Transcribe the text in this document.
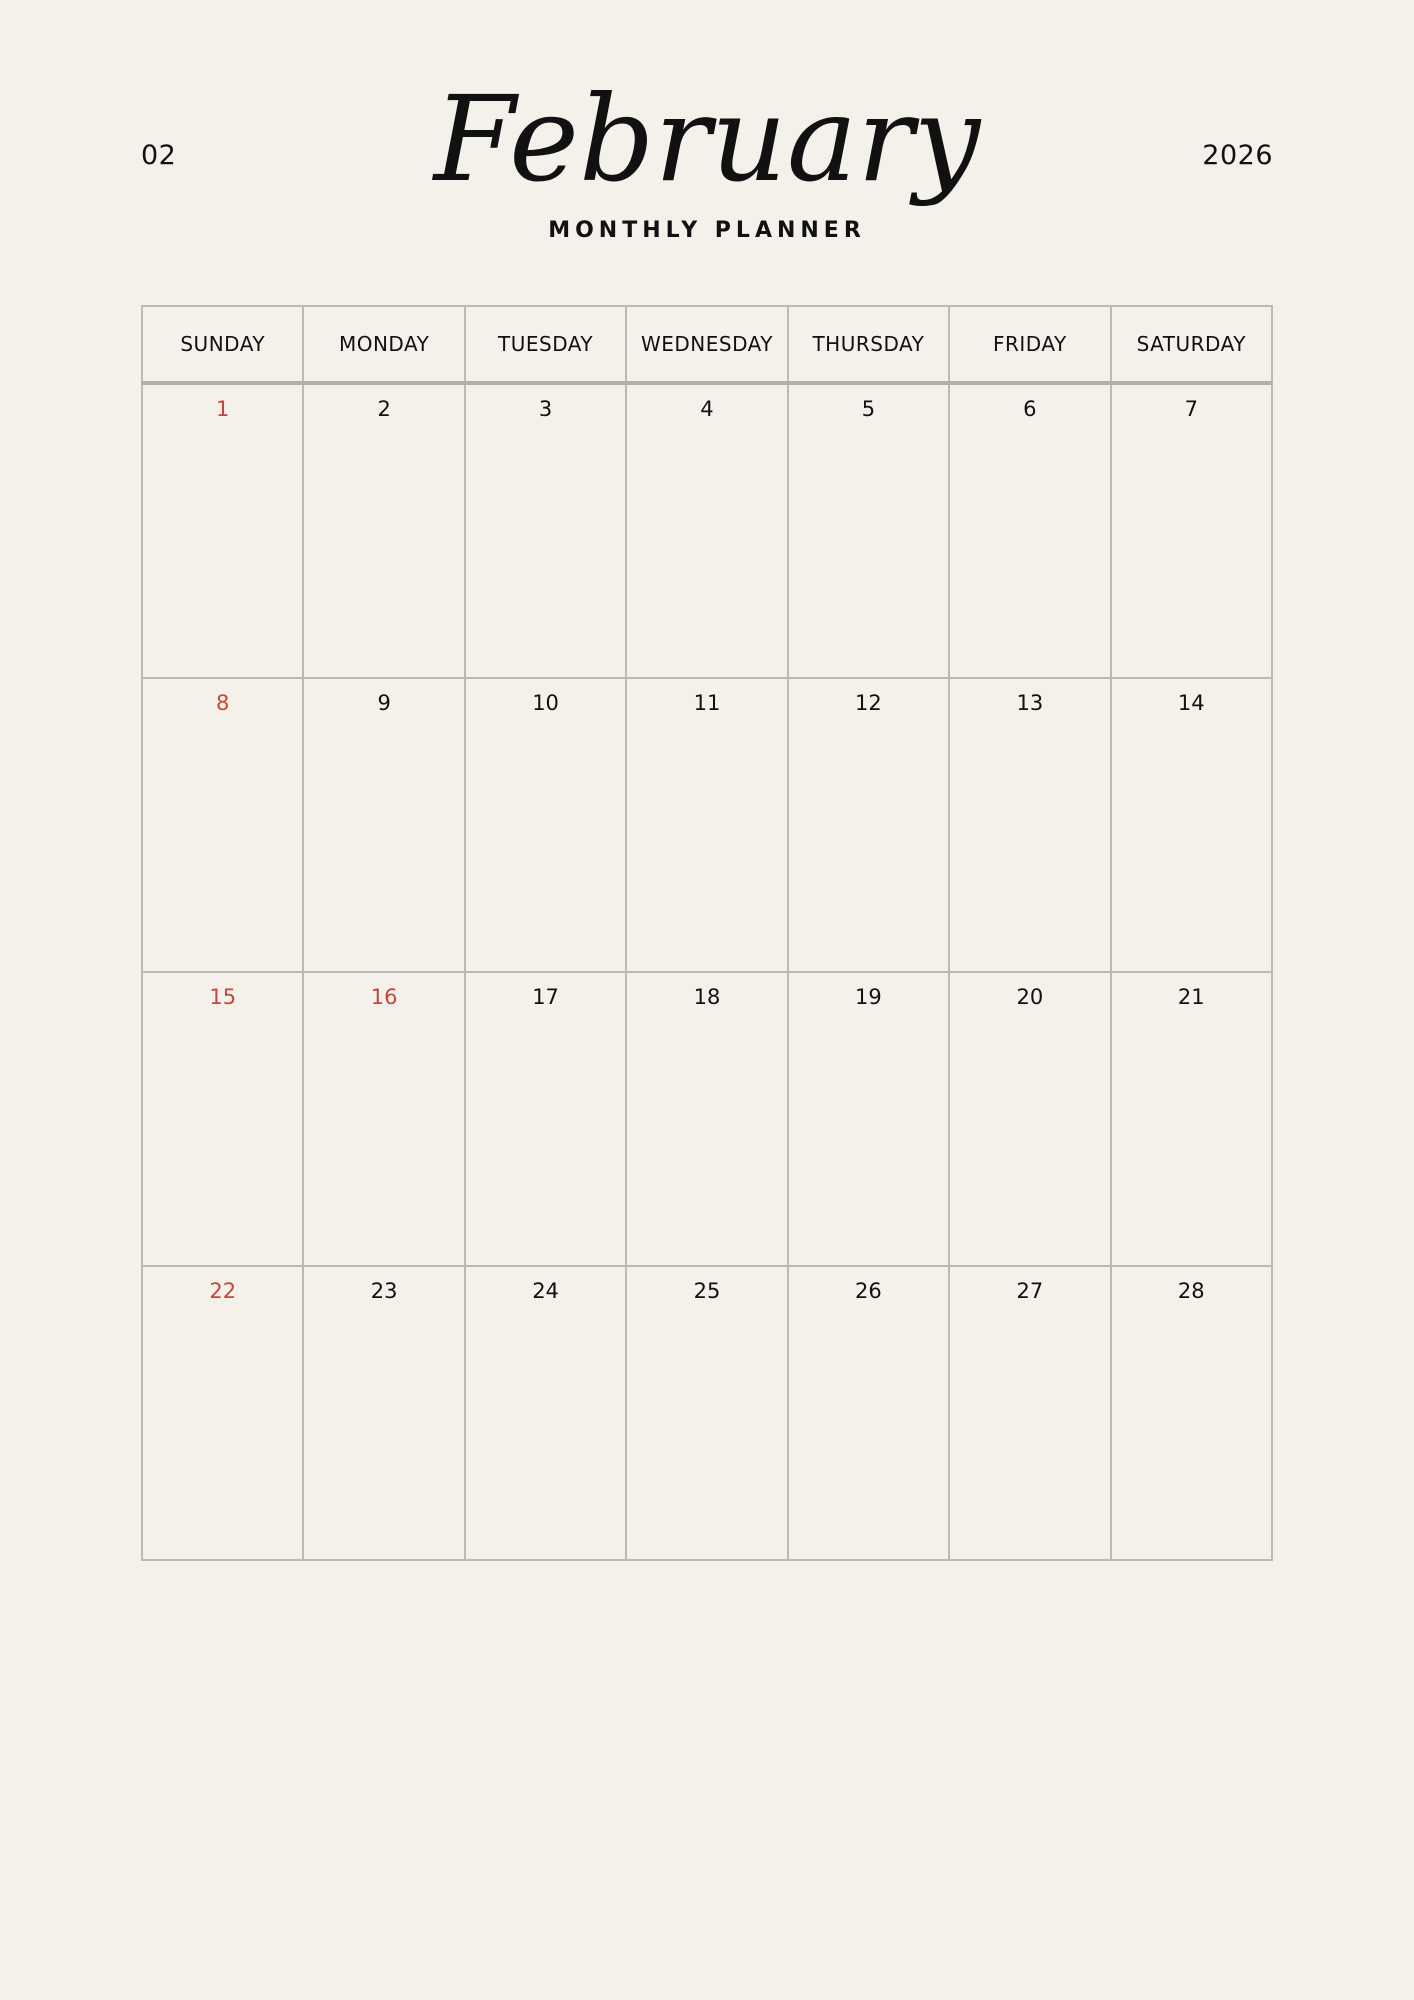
02 February	2026
MONTHLY PLANNER
SUNDAY	MONDAY	TUESDAY	WEDNESDAY	THURSDAY	FRIDAY	SATURDAY

1	2	3	4	5	6	7

8	9	10	11	12	13	14

15	16	17	18	19	20	21

22	23	24	25	26	27	28
